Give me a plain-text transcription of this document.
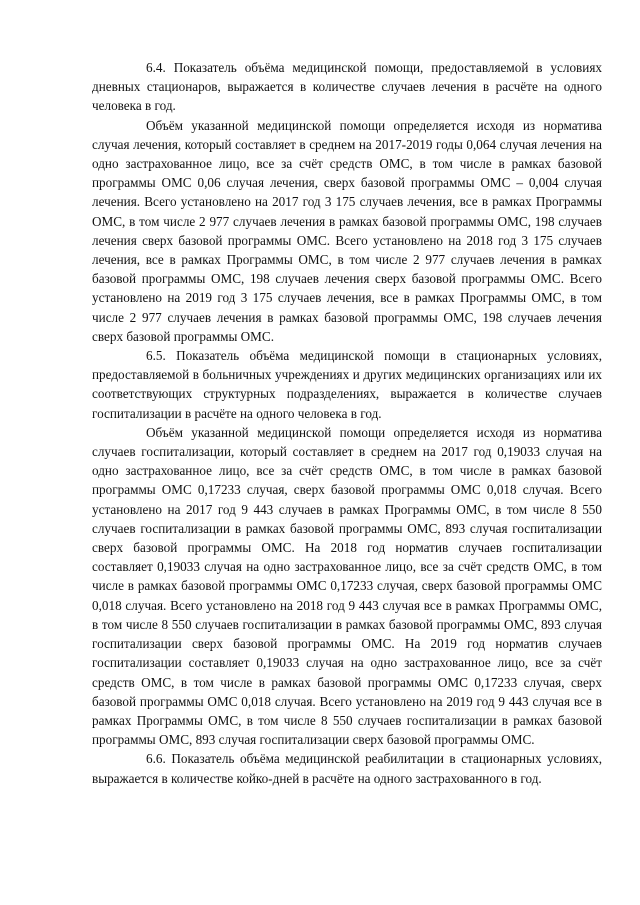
6.4. Показатель объёма медицинской помощи, предоставляемой в условиях дневных стационаров, выражается в количестве случаев лечения в расчёте на одного человека в год.

Объём указанной медицинской помощи определяется исходя из норматива случая лечения, который составляет в среднем на 2017-2019 годы 0,064 случая лечения на одно застрахованное лицо, все за счёт средств ОМС, в том числе в рамках базовой программы ОМС 0,06 случая лечения, сверх базовой программы ОМС – 0,004 случая лечения. Всего установлено на 2017 год 3 175 случаев лечения, все в рамках Программы ОМС, в том числе 2 977 случаев лечения в рамках базовой программы ОМС, 198 случаев лечения сверх базовой программы ОМС. Всего установлено на 2018 год 3 175 случаев лечения, все в рамках Программы ОМС, в том числе 2 977 случаев лечения в рамках базовой программы ОМС, 198 случаев лечения сверх базовой программы ОМС. Всего установлено на 2019 год 3 175 случаев лечения, все в рамках Программы ОМС, в том числе 2 977 случаев лечения в рамках базовой программы ОМС, 198 случаев лечения сверх базовой программы ОМС.

6.5. Показатель объёма медицинской помощи в стационарных условиях, предоставляемой в больничных учреждениях и других медицинских организациях или их соответствующих структурных подразделениях, выражается в количестве случаев госпитализации в расчёте на одного человека в год.

Объём указанной медицинской помощи определяется исходя из норматива случаев госпитализации, который составляет в среднем на 2017 год 0,19033 случая на одно застрахованное лицо, все за счёт средств ОМС, в том числе в рамках базовой программы ОМС 0,17233 случая, сверх базовой программы ОМС 0,018 случая. Всего установлено на 2017 год 9 443 случаев в рамках Программы ОМС, в том числе 8 550 случаев госпитализации в рамках базовой программы ОМС, 893 случая госпитализации сверх базовой программы ОМС. На 2018 год норматив случаев госпитализации составляет 0,19033 случая на одно застрахованное лицо, все за счёт средств ОМС, в том числе в рамках базовой программы ОМС 0,17233 случая, сверх базовой программы ОМС 0,018 случая. Всего установлено на 2018 год 9 443 случая все в рамках Программы ОМС, в том числе 8 550 случаев госпитализации в рамках базовой программы ОМС, 893 случая госпитализации сверх базовой программы ОМС. На 2019 год норматив случаев госпитализации составляет 0,19033 случая на одно застрахованное лицо, все за счёт средств ОМС, в том числе в рамках базовой программы ОМС 0,17233 случая, сверх базовой программы ОМС 0,018 случая. Всего установлено на 2019 год 9 443 случая все в рамках Программы ОМС, в том числе 8 550 случаев госпитализации в рамках базовой программы ОМС, 893 случая госпитализации сверх базовой программы ОМС.

6.6. Показатель объёма медицинской реабилитации в стационарных условиях, выражается в количестве койко-дней в расчёте на одного застрахованного в год.
